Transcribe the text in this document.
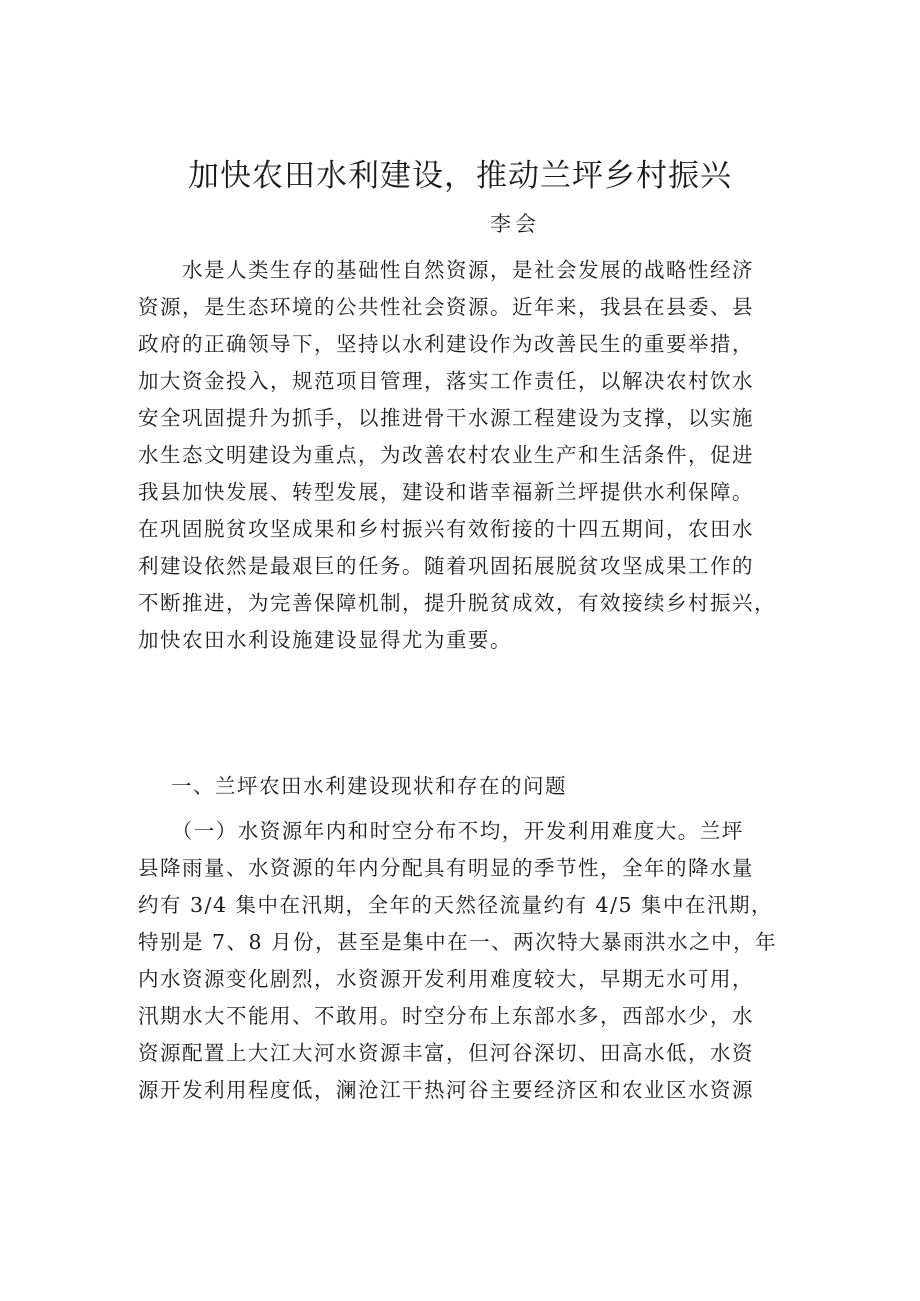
加快农田水利建设，推动兰坪乡村振兴
李会
　　水是人类生存的基础性自然资源，是社会发展的战略性经济
资源，是生态环境的公共性社会资源。近年来，我县在县委、县
政府的正确领导下，坚持以水利建设作为改善民生的重要举措，
加大资金投入，规范项目管理，落实工作责任，以解决农村饮水
安全巩固提升为抓手，以推进骨干水源工程建设为支撑，以实施
水生态文明建设为重点，为改善农村农业生产和生活条件，促进
我县加快发展、转型发展，建设和谐幸福新兰坪提供水利保障。
在巩固脱贫攻坚成果和乡村振兴有效衔接的十四五期间，农田水
利建设依然是最艰巨的任务。随着巩固拓展脱贫攻坚成果工作的
不断推进，为完善保障机制，提升脱贫成效，有效接续乡村振兴，
加快农田水利设施建设显得尤为重要。
一、兰坪农田水利建设现状和存在的问题
　　（一）水资源年内和时空分布不均，开发利用难度大。兰坪
县降雨量、水资源的年内分配具有明显的季节性，全年的降水量
约有 3/4 集中在汛期，全年的天然径流量约有 4/5 集中在汛期，
特别是 7、8 月份，甚至是集中在一、两次特大暴雨洪水之中，年
内水资源变化剧烈，水资源开发利用难度较大，早期无水可用，
汛期水大不能用、不敢用。时空分布上东部水多，西部水少，水
资源配置上大江大河水资源丰富，但河谷深切、田高水低，水资
源开发利用程度低，澜沧江干热河谷主要经济区和农业区水资源
